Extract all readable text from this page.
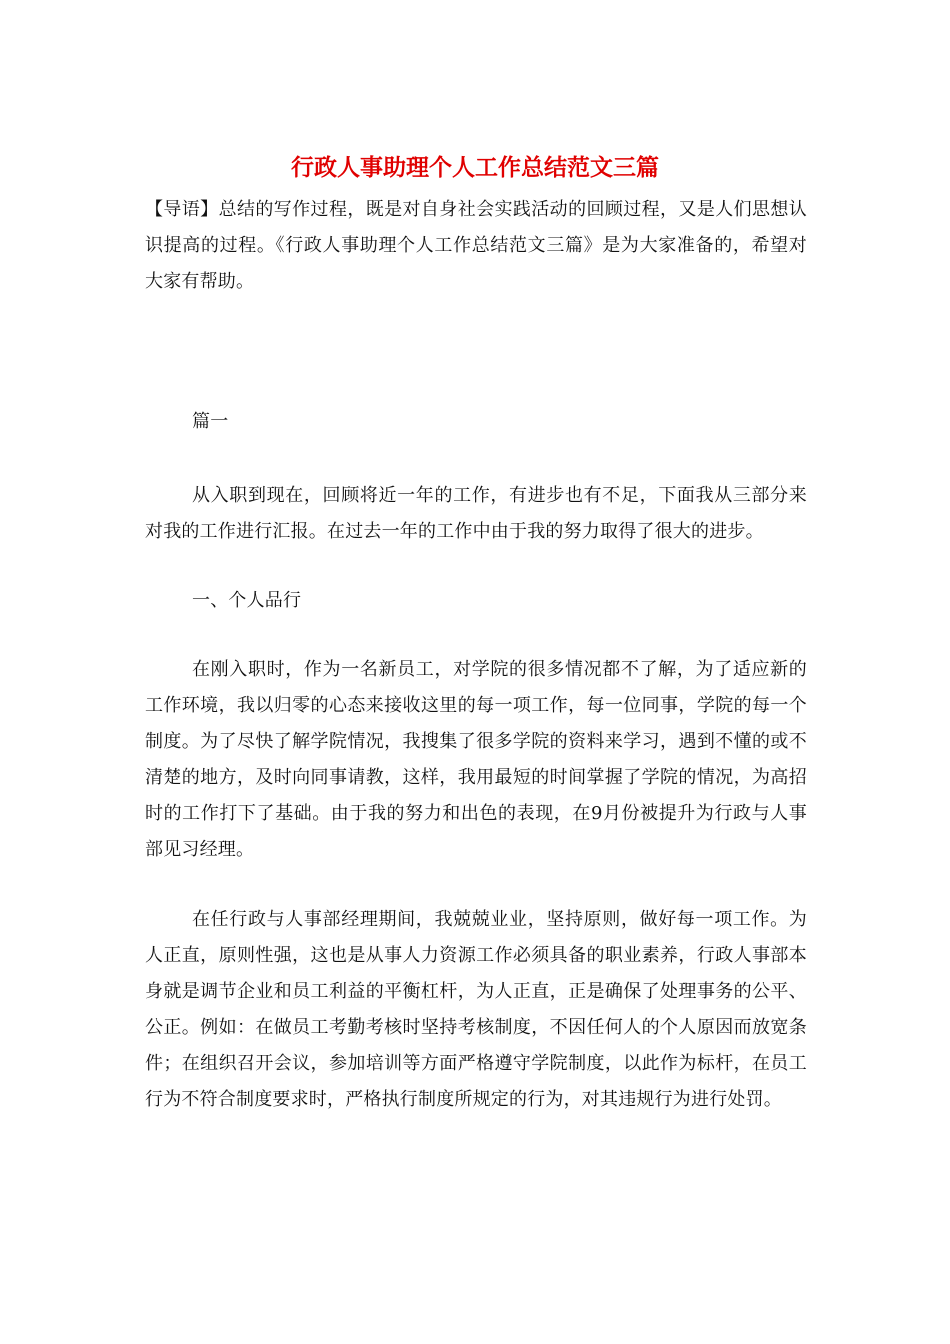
行政人事助理个人工作总结范文三篇

【导语】总结的写作过程，既是对自身社会实践活动的回顾过程，又是人们思想认识提高的过程。《行政人事助理个人工作总结范文三篇》是为大家准备的，希望对大家有帮助。

篇一

从入职到现在，回顾将近一年的工作，有进步也有不足，下面我从三部分来对我的工作进行汇报。在过去一年的工作中由于我的努力取得了很大的进步。

一、个人品行

在刚入职时，作为一名新员工，对学院的很多情况都不了解，为了适应新的工作环境，我以归零的心态来接收这里的每一项工作，每一位同事，学院的每一个制度。为了尽快了解学院情况，我搜集了很多学院的资料来学习，遇到不懂的或不清楚的地方，及时向同事请教，这样，我用最短的时间掌握了学院的情况，为高招时的工作打下了基础。由于我的努力和出色的表现，在9月份被提升为行政与人事部见习经理。

在任行政与人事部经理期间，我兢兢业业，坚持原则，做好每一项工作。为人正直，原则性强，这也是从事人力资源工作必须具备的职业素养，行政人事部本身就是调节企业和员工利益的平衡杠杆，为人正直，正是确保了处理事务的公平、公正。例如：在做员工考勤考核时坚持考核制度，不因任何人的个人原因而放宽条件；在组织召开会议，参加培训等方面严格遵守学院制度，以此作为标杆，在员工行为不符合制度要求时，严格执行制度所规定的行为，对其违规行为进行处罚。
